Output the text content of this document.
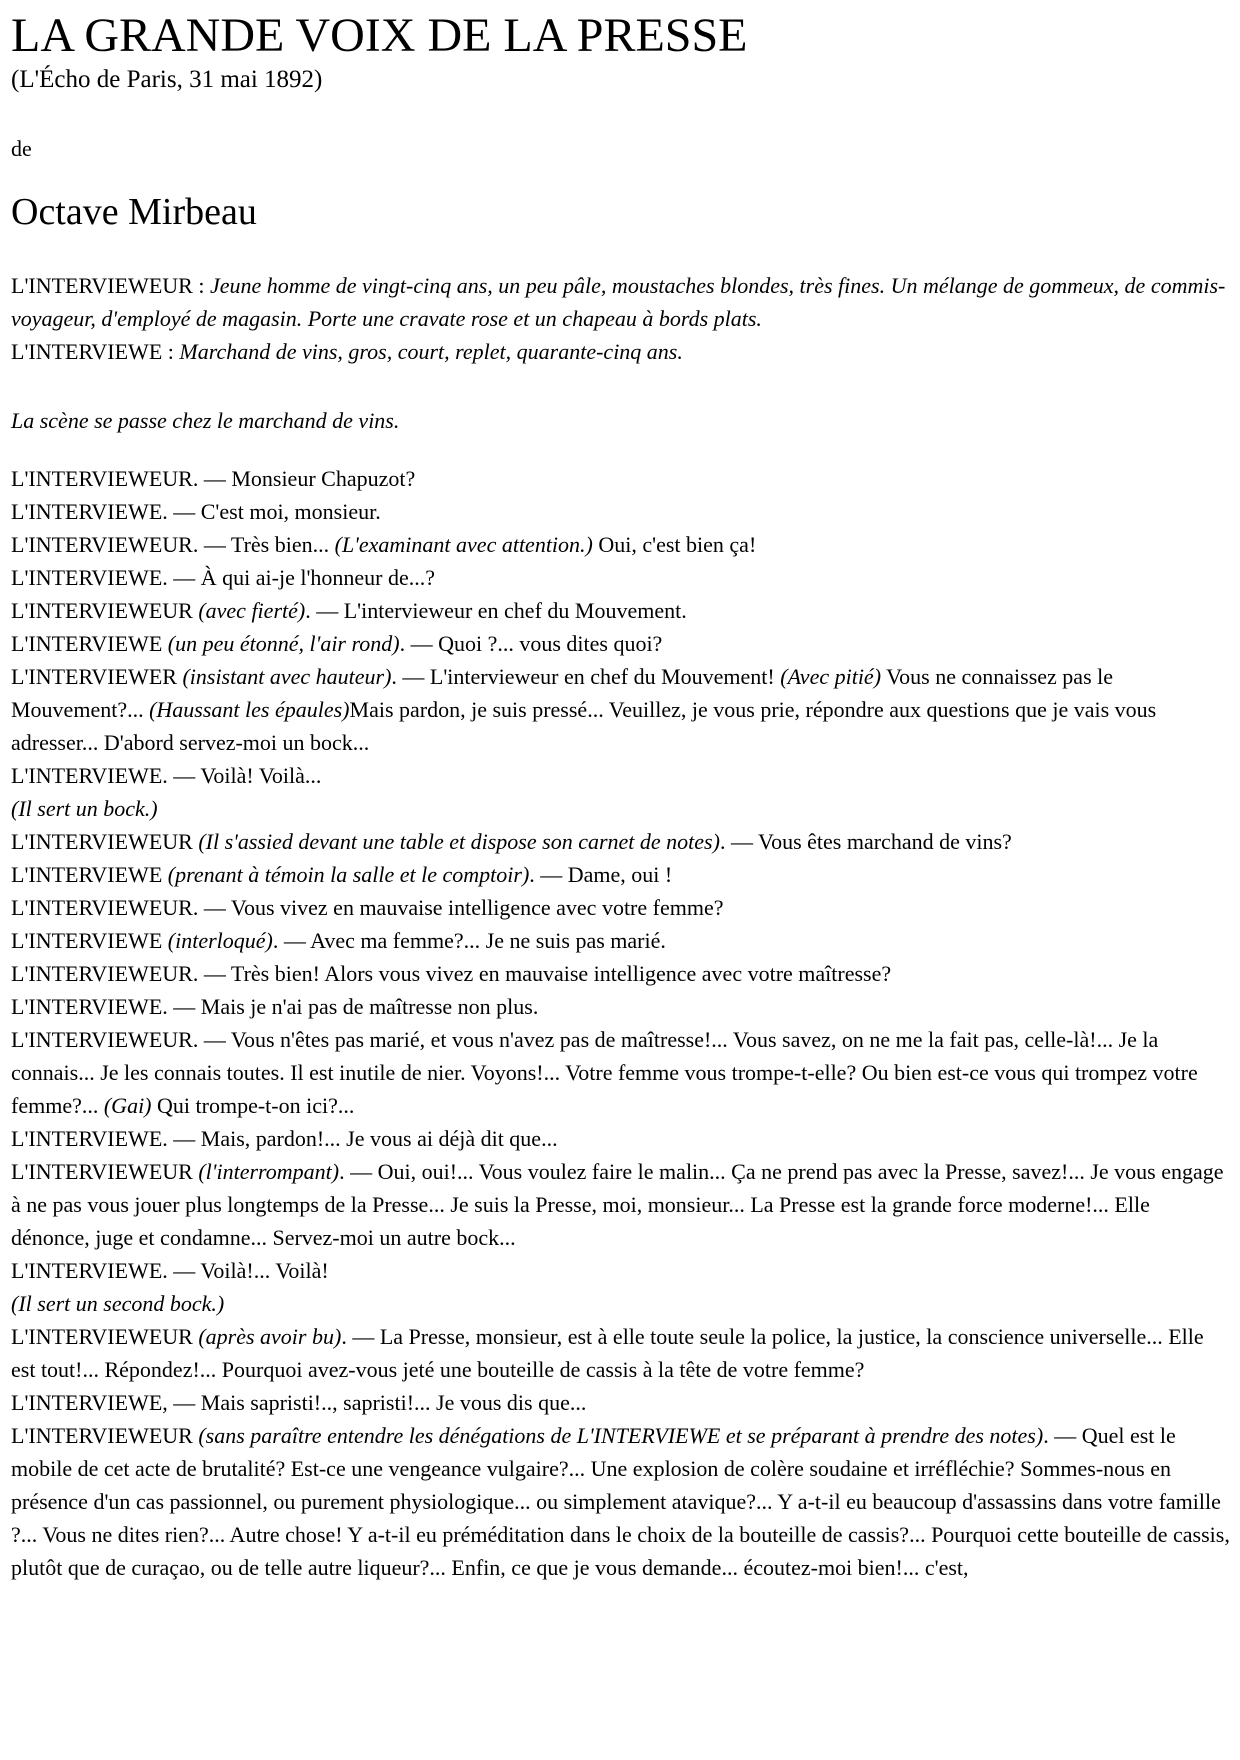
LA GRANDE VOIX DE LA PRESSE

(L'Écho de Paris, 31 mai 1892)

de

Octave Mirbeau
L'INTERVIEWEUR : Jeune homme de vingt-cinq ans, un peu pâle, moustaches blondes, très fines. Un mélange de gommeux, de commis-voyageur, d'employé de magasin. Porte une cravate rose et un chapeau à bords plats.
L'INTERVIEWE : Marchand de vins, gros, court, replet, quarante-cinq ans.
La scène se passe chez le marchand de vins.
L'INTERVIEWEUR. — Monsieur Chapuzot?
L'INTERVIEWE. — C'est moi, monsieur.
L'INTERVIEWEUR. — Très bien... (L'examinant avec attention.) Oui, c'est bien ça!
L'INTERVIEWE. — À qui ai-je l'honneur de...?
L'INTERVIEWEUR (avec fierté). — L'intervieweur en chef du Mouvement.
L'INTERVIEWE (un peu étonné, l'air rond). — Quoi ?... vous dites quoi?
L'INTERVIEWER (insistant avec hauteur). — L'intervieweur en chef du Mouvement! (Avec pitié) Vous ne connaissez pas le Mouvement?... (Haussant les épaules)Mais pardon, je suis pressé... Veuillez, je vous prie, répondre aux questions que je vais vous adresser... D'abord servez-moi un bock...
L'INTERVIEWE. — Voilà! Voilà...
(Il sert un bock.)
L'INTERVIEWEUR (Il s'assied devant une table et dispose son carnet de notes). — Vous êtes marchand de vins?
L'INTERVIEWE (prenant à témoin la salle et le comptoir). — Dame, oui !
L'INTERVIEWEUR. — Vous vivez en mauvaise intelligence avec votre femme?
L'INTERVIEWE (interloqué). — Avec ma femme?... Je ne suis pas marié.
L'INTERVIEWEUR. — Très bien! Alors vous vivez en mauvaise intelligence avec votre maîtresse?
L'INTERVIEWE. — Mais je n'ai pas de maîtresse non plus.
L'INTERVIEWEUR. — Vous n'êtes pas marié, et vous n'avez pas de maîtresse!... Vous savez, on ne me la fait pas, celle-là!... Je la connais... Je les connais toutes. Il est inutile de nier. Voyons!... Votre femme vous trompe-t-elle? Ou bien est-ce vous qui trompez votre femme?... (Gai) Qui trompe-t-on ici?...
L'INTERVIEWE. — Mais, pardon!... Je vous ai déjà dit que...
L'INTERVIEWEUR (l'interrompant). — Oui, oui!... Vous voulez faire le malin... Ça ne prend pas avec la Presse, savez!... Je vous engage à ne pas vous jouer plus longtemps de la Presse... Je suis la Presse, moi, monsieur... La Presse est la grande force moderne!... Elle dénonce, juge et condamne... Servez-moi un autre bock...
L'INTERVIEWE. — Voilà!... Voilà!
(Il sert un second bock.)
L'INTERVIEWEUR (après avoir bu). — La Presse, monsieur, est à elle toute seule la police, la justice, la conscience universelle... Elle est tout!... Répondez!... Pourquoi avez-vous jeté une bouteille de cassis à la tête de votre femme?
L'INTERVIEWE, — Mais sapristi!.., sapristi!... Je vous dis que...
L'INTERVIEWEUR (sans paraître entendre les dénégations de L'INTERVIEWE et se préparant à prendre des notes). — Quel est le mobile de cet acte de brutalité? Est-ce une vengeance vulgaire?... Une explosion de colère soudaine et irréfléchie? Sommes-nous en présence d'un cas passionnel, ou purement physiologique... ou simplement atavique?... Y a-t-il eu beaucoup d'assassins dans votre famille ?... Vous ne dites rien?... Autre chose! Y a-t-il eu préméditation dans le choix de la bouteille de cassis?... Pourquoi cette bouteille de cassis, plutôt que de curaçao, ou de telle autre liqueur?... Enfin, ce que je vous demande... écoutez-moi bien!... c'est,
